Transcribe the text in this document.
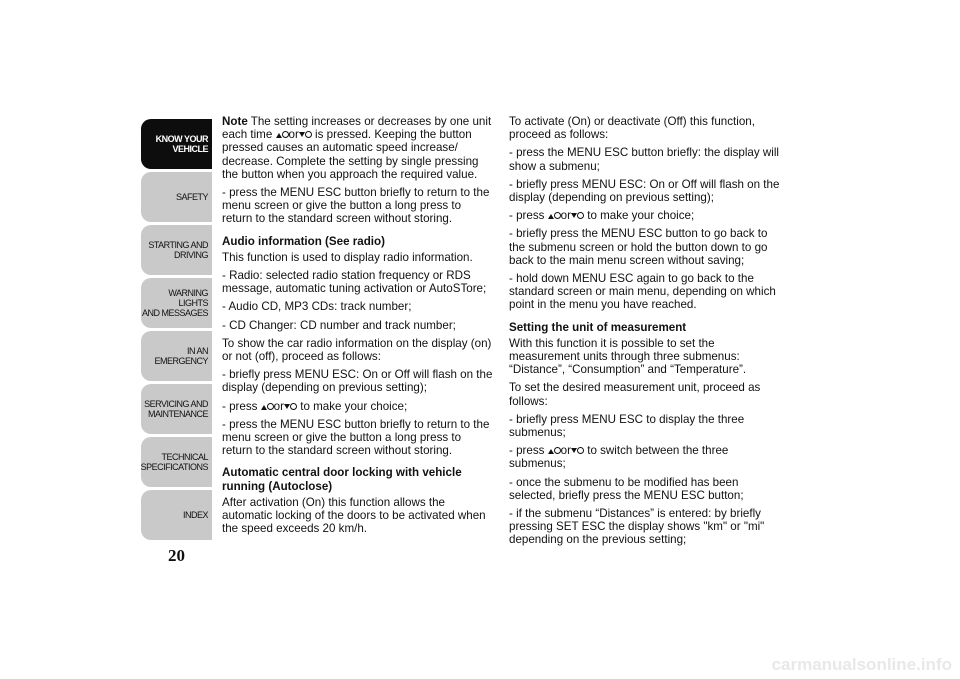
KNOW YOUR
VEHICLE
SAFETY
STARTING AND
DRIVING
WARNING LIGHTS
AND MESSAGES
IN AN EMERGENCY
SERVICING AND
MAINTENANCE
TECHNICAL
SPECIFICATIONS
INDEX
20

Note The setting increases or decreases by one unit each time or is pressed. Keeping the button pressed causes an automatic speed increase/ decrease. Complete the setting by single pressing the button when you approach the required value.

- press the MENU ESC button briefly to return to the menu screen or give the button a long press to return to the standard screen without storing.

Audio information (See radio)

This function is used to display radio information.

- Radio: selected radio station frequency or RDS message, automatic tuning activation or AutoSTore;

- Audio CD, MP3 CDs: track number;

- CD Changer: CD number and track number;

To show the car radio information on the display (on) or not (off), proceed as follows:

- briefly press MENU ESC: On or Off will flash on the display (depending on previous setting);

- press or to make your choice;

- press the MENU ESC button briefly to return to the menu screen or give the button a long press to return to the standard screen without storing.

Automatic central door locking with vehicle running (Autoclose)

After activation (On) this function allows the automatic locking of the doors to be activated when the speed exceeds 20 km/h.

To activate (On) or deactivate (Off) this function, proceed as follows:

- press the MENU ESC button briefly: the display will show a submenu;

- briefly press MENU ESC: On or Off will flash on the display (depending on previous setting);

- press or to make your choice;

- briefly press the MENU ESC button to go back to the submenu screen or hold the button down to go back to the main menu screen without saving;

- hold down MENU ESC again to go back to the standard screen or main menu, depending on which point in the menu you have reached.

Setting the unit of measurement

With this function it is possible to set the measurement units through three submenus: “Distance”, “Consumption” and “Temperature”.

To set the desired measurement unit, proceed as follows:

- briefly press MENU ESC to display the three submenus;

- press or to switch between the three submenus;

- once the submenu to be modified has been selected, briefly press the MENU ESC button;

- if the submenu “Distances” is entered: by briefly pressing SET ESC the display shows "km" or "mi" depending on the previous setting;

carmanualsonline.info
